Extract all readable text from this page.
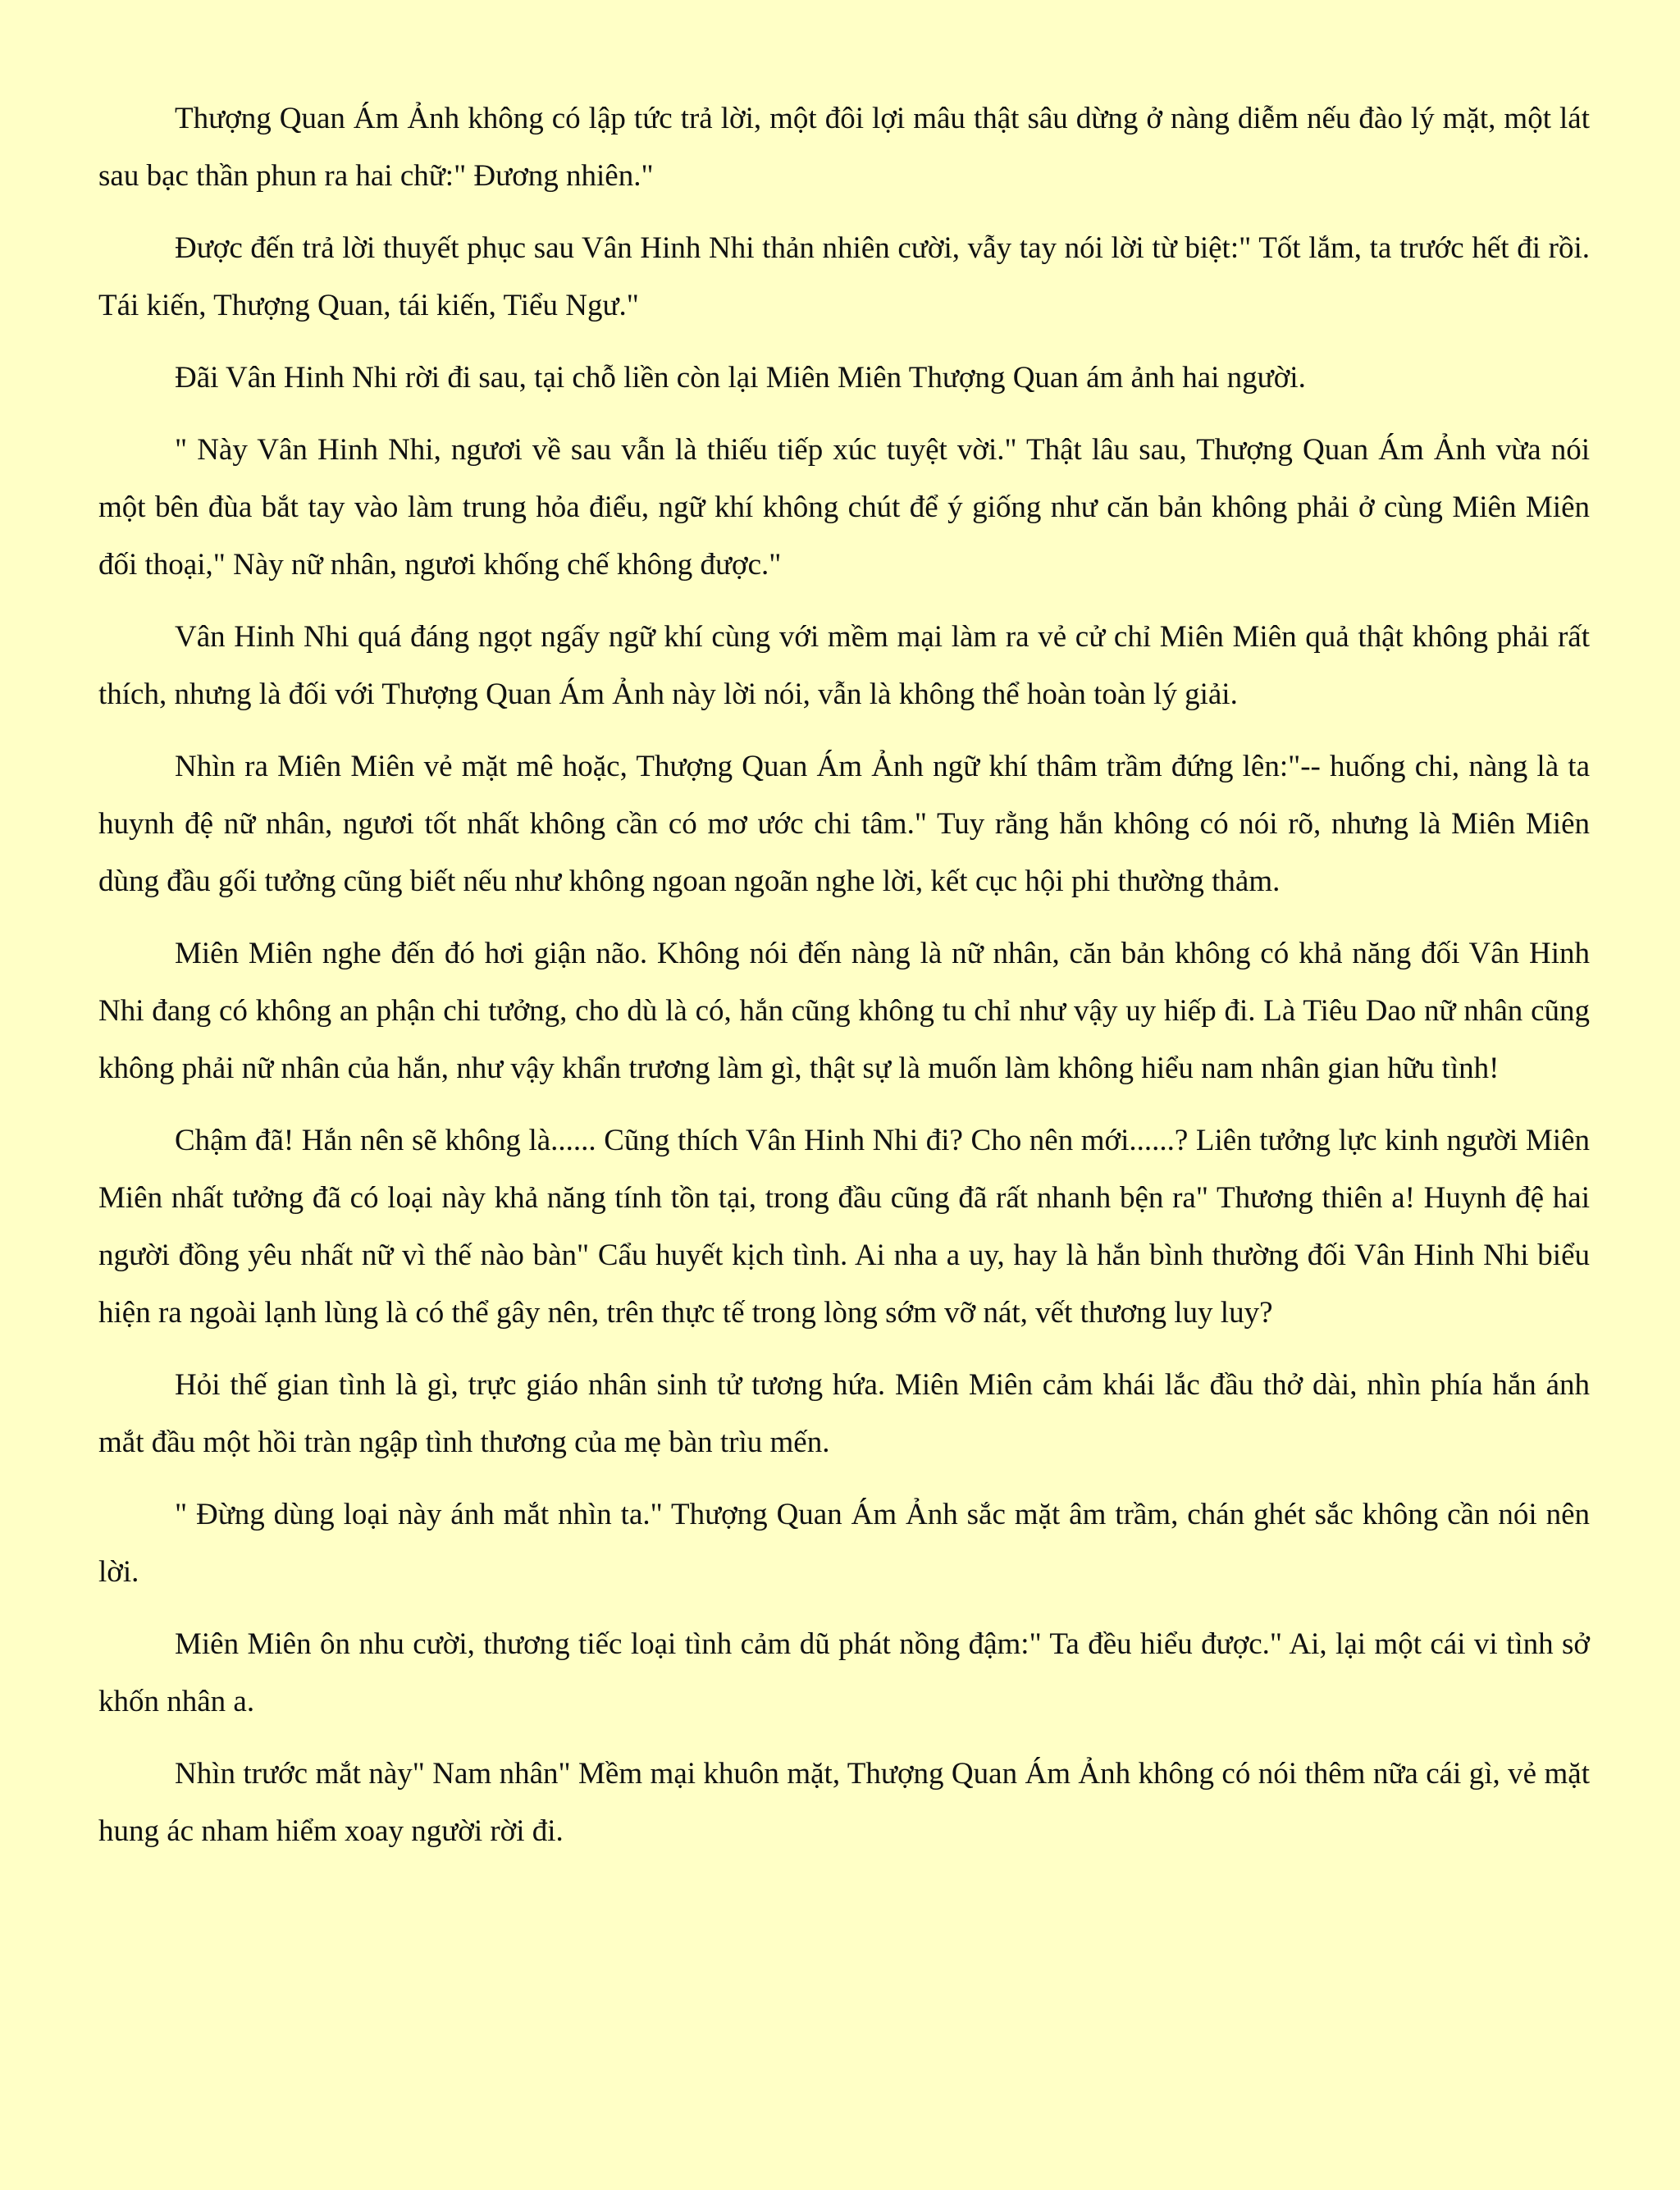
Thượng Quan Ám Ảnh không có lập tức trả lời, một đôi lợi mâu thật sâu dừng ở nàng diễm nếu đào lý mặt, một lát sau bạc thần phun ra hai chữ:" Đương nhiên."

Được đến trả lời thuyết phục sau Vân Hinh Nhi thản nhiên cười, vẫy tay nói lời từ biệt:" Tốt lắm, ta trước hết đi rồi. Tái kiến, Thượng Quan, tái kiến, Tiểu Ngư."

Đãi Vân Hinh Nhi rời đi sau, tại chỗ liền còn lại Miên Miên Thượng Quan ám ảnh hai người.

" Này Vân Hinh Nhi, ngươi về sau vẫn là thiếu tiếp xúc tuyệt vời." Thật lâu sau, Thượng Quan Ám Ảnh vừa nói một bên đùa bắt tay vào làm trung hỏa điểu, ngữ khí không chút để ý giống như căn bản không phải ở cùng Miên Miên đối thoại," Này nữ nhân, ngươi khống chế không được."

Vân Hinh Nhi quá đáng ngọt ngấy ngữ khí cùng với mềm mại làm ra vẻ cử chỉ Miên Miên quả thật không phải rất thích, nhưng là đối với Thượng Quan Ám Ảnh này lời nói, vẫn là không thể hoàn toàn lý giải.

Nhìn ra Miên Miên vẻ mặt mê hoặc, Thượng Quan Ám Ảnh ngữ khí thâm trầm đứng lên:"-- huống chi, nàng là ta huynh đệ nữ nhân, ngươi tốt nhất không cần có mơ ước chi tâm." Tuy rằng hắn không có nói rõ, nhưng là Miên Miên dùng đầu gối tưởng cũng biết nếu như không ngoan ngoãn nghe lời, kết cục hội phi thường thảm.

Miên Miên nghe đến đó hơi giận não. Không nói đến nàng là nữ nhân, căn bản không có khả năng đối Vân Hinh Nhi đang có không an phận chi tưởng, cho dù là có, hắn cũng không tu chỉ như vậy uy hiếp đi. Là Tiêu Dao nữ nhân cũng không phải nữ nhân của hắn, như vậy khẩn trương làm gì, thật sự là muốn làm không hiểu nam nhân gian hữu tình!

Chậm đã! Hắn nên sẽ không là...... Cũng thích Vân Hinh Nhi đi? Cho nên mới......? Liên tưởng lực kinh người Miên Miên nhất tưởng đã có loại này khả năng tính tồn tại, trong đầu cũng đã rất nhanh bện ra" Thương thiên a! Huynh đệ hai người đồng yêu nhất nữ vì thế nào bàn" Cẩu huyết kịch tình. Ai nha a uy, hay là hắn bình thường đối Vân Hinh Nhi biểu hiện ra ngoài lạnh lùng là có thể gây nên, trên thực tế trong lòng sớm vỡ nát, vết thương luy luy?

Hỏi thế gian tình là gì, trực giáo nhân sinh tử tương hứa. Miên Miên cảm khái lắc đầu thở dài, nhìn phía hắn ánh mắt đầu một hồi tràn ngập tình thương của mẹ bàn trìu mến.

" Đừng dùng loại này ánh mắt nhìn ta." Thượng Quan Ám Ảnh sắc mặt âm trầm, chán ghét sắc không cần nói nên lời.

Miên Miên ôn nhu cười, thương tiếc loại tình cảm dũ phát nồng đậm:" Ta đều hiểu được." Ai, lại một cái vi tình sở khốn nhân a.

Nhìn trước mắt này" Nam nhân" Mềm mại khuôn mặt, Thượng Quan Ám Ảnh không có nói thêm nữa cái gì, vẻ mặt hung ác nham hiểm xoay người rời đi.
